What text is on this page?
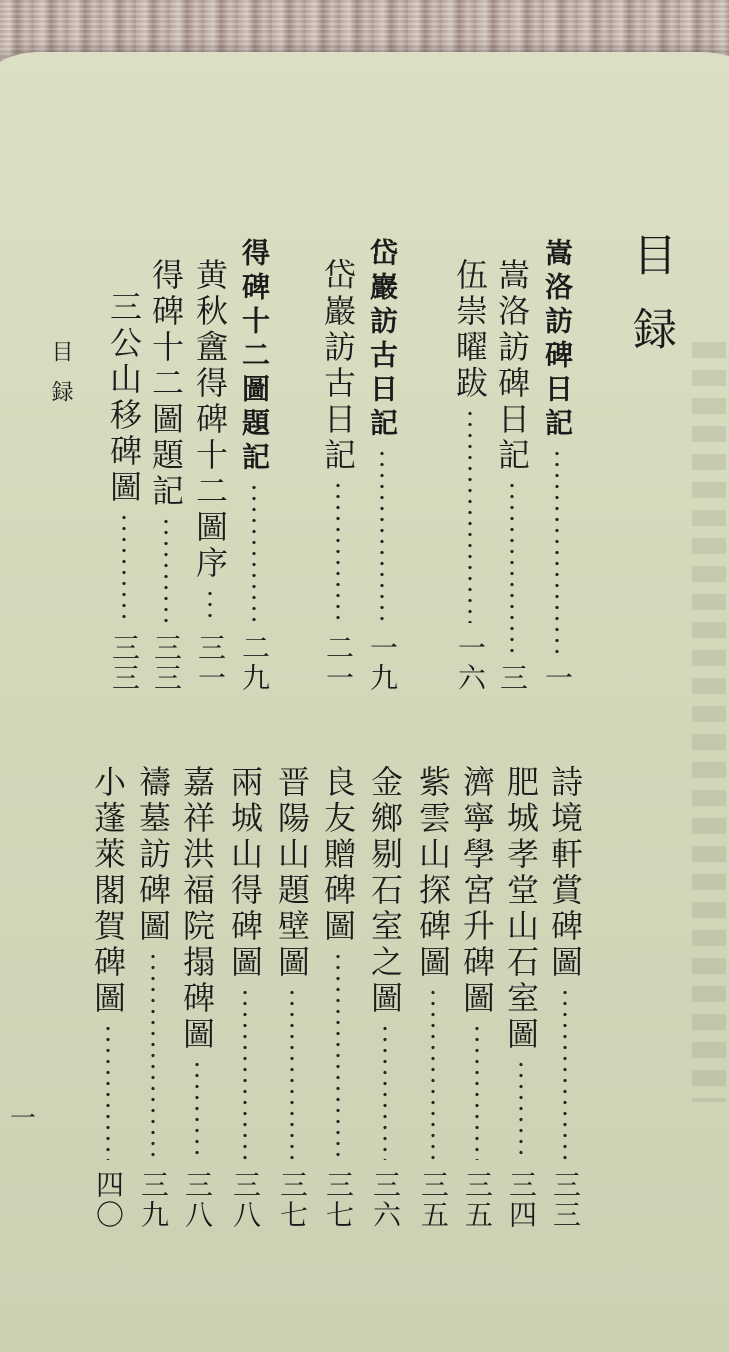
目録
目録
一
嵩洛訪碑日記
一
嵩洛訪碑日記
三
伍崇曜跋
一六
岱巖訪古日記
一九
岱巖訪古日記
二一
得碑十二圖題記
二九
黄秋盦得碑十二圖序
三一
得碑十二圖題記
三三
三公山移碑圖
三三
詩境軒賞碑圖
三三
肥城孝堂山石室圖
三四
濟寧學宮升碑圖
三五
紫雲山探碑圖
三五
金鄉剔石室之圖
三六
良友贈碑圖
三七
晋陽山題壁圖
三七
兩城山得碑圖
三八
嘉祥洪福院搨碑圖
三八
禱墓訪碑圖
三九
小蓬萊閣賀碑圖
四〇
